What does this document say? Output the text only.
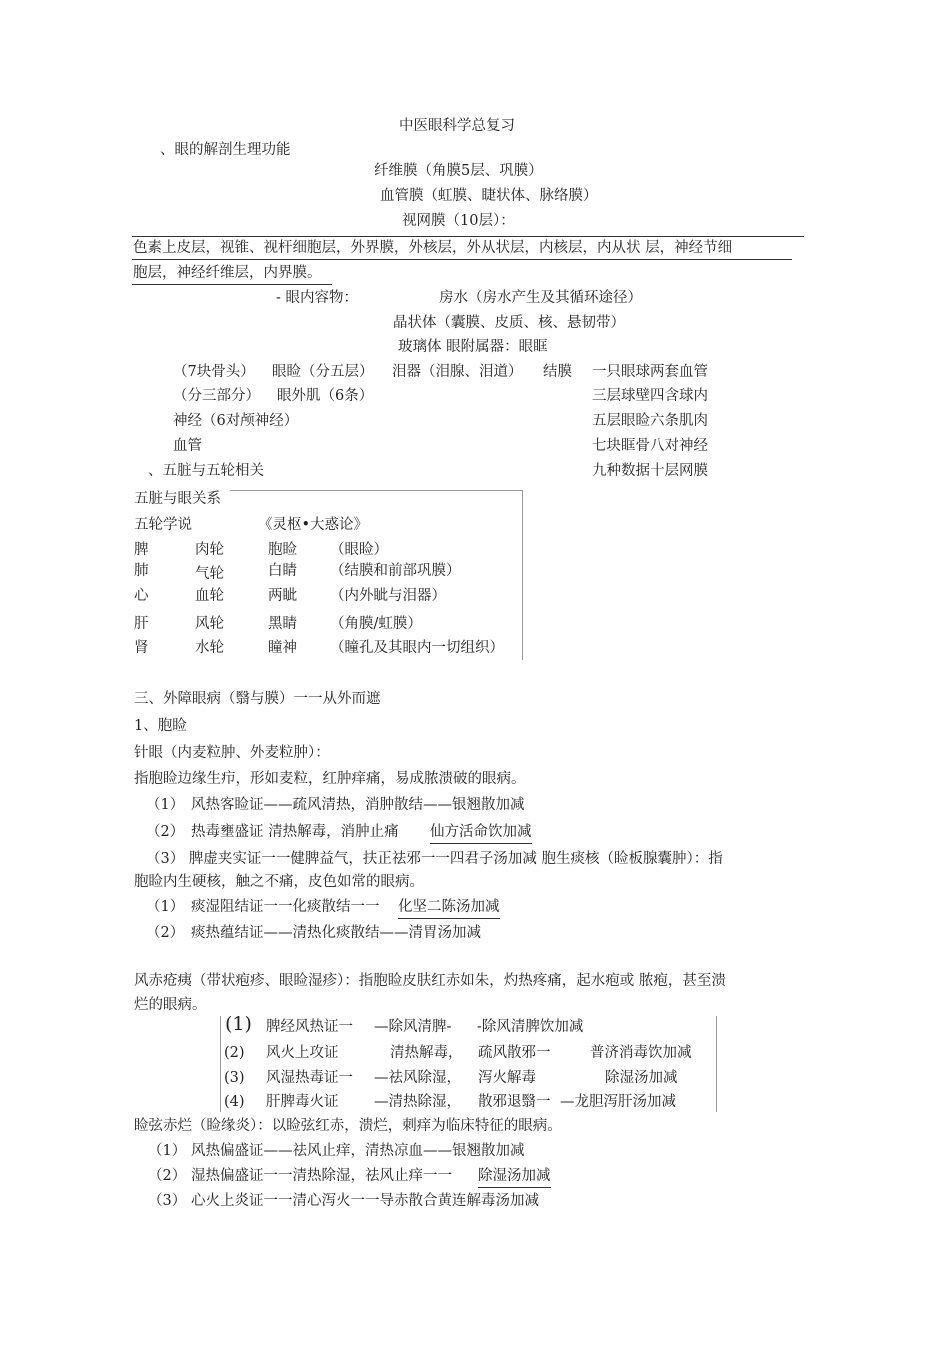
中医眼科学总复习
、眼的解剖生理功能
纤维膜（角膜5层、巩膜）
血管膜（虹膜、睫状体、脉络膜）
视网膜（10层）：
色素上皮层，视锥、视杆细胞层，外界膜，外核层，外从状层，内核层，内从状 层，神经节细
胞层，神经纤维层，内界膜。
- 眼内容物：	房水（房水产生及其循环途径）
晶状体（囊膜、皮质、核、悬韧带）
玻璃体 眼附属器：眼眶
（7块骨头） 眼睑（分五层） 泪器（泪腺、泪道） 结膜
（分三部分） 眼外肌（6条）
神经（6对颅神经）
血管
一只眼球两套血管
三层球壁四含球内
五层眼睑六条肌肉
七块眶骨八对神经
九种数据十层网膜
、五脏与五轮相关
五脏与眼关系
五轮学说	《灵枢•大惑论》
脾	肉轮	胞睑 （眼睑）
肺	气轮	白睛 （结膜和前部巩膜）
心	血轮	两眦 （内外眦与泪器）
肝	风轮	黑睛 （角膜/虹膜）
肾	水轮	瞳神 （瞳孔及其眼内一切组织）
三、外障眼病（翳与膜）一一从外而遮
1、胞睑
针眼（内麦粒肿、外麦粒肿）：
指胞睑边缘生疖，形如麦粒，红肿痒痛，易成脓溃破的眼病。
（1） 风热客睑证——疏风清热，消肿散结——银翘散加减
（2） 热毒壅盛证 清热解毒，消肿止痛 仙方活命饮加减
（3） 脾虚夹实证一一健脾益气，扶正祛邪一一四君子汤加减 胞生痰核（睑板腺囊肿）：指
胞睑内生硬核，触之不痛，皮色如常的眼病。
（1） 痰湿阻结证一一化痰散结一一 化坚二陈汤加减
（2） 痰热蕴结证——清热化痰散结——清胃汤加减
风赤疮痍（带状疱疹、眼睑湿疹）：指胞睑皮肤红赤如朱，灼热疼痛，起水疱或 脓疱，甚至溃
烂的眼病。
(1) 脾经风热证一 —除风清脾- -除风清脾饮加减
(2) 风火上攻证	清热解毒， 疏风散邪一	普济消毒饮加减
(3) 风湿热毒证一 —祛风除湿， 泻火解毒	除湿汤加减
(4) 肝脾毒火证 —清热除湿， 散邪退翳一 —龙胆泻肝汤加减
睑弦赤烂（睑缘炎）：以睑弦红赤，溃烂，刺痒为临床特征的眼病。
（1） 风热偏盛证——祛风止痒，清热凉血——银翘散加减
（2） 湿热偏盛证一一清热除湿，祛风止痒一一 除湿汤加减
（3） 心火上炎证一一清心泻火一一导赤散合黄连解毒汤加减
